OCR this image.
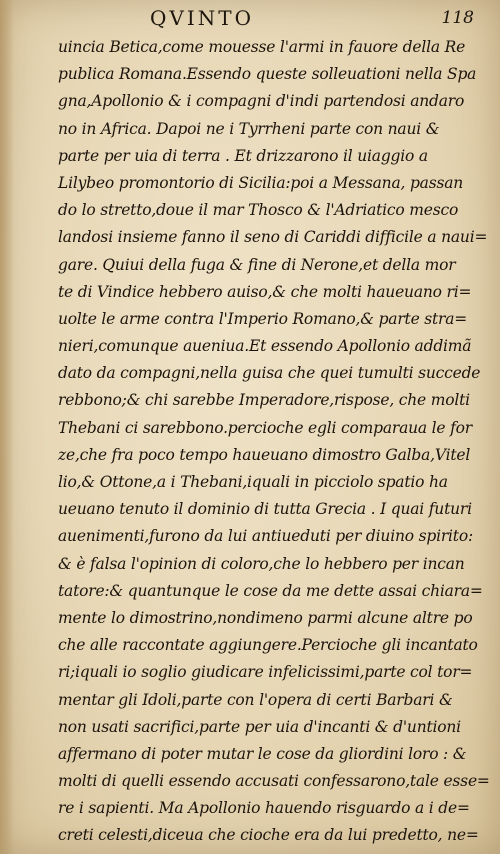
QVINTO	118
uincia Betica,come mouesse l'armi in fauore della Re
publica Romana.Essendo queste solleuationi nella Spa
gna,Apollonio & i compagni d'indi partendosi andaro
no in Africa. Dapoi ne i Tyrrheni parte con naui &
parte per uia di terra . Et drizzarono il uiaggio a
Lilybeo promontorio di Sicilia:poi a Messana, passan
do lo stretto,doue il mar Thosco & l'Adriatico mesco
landosi insieme fanno il seno di Cariddi difficile a naui=
gare. Quiui della fuga & fine di Nerone,et della mor
te di Vindice hebbero auiso,& che molti haueuano ri=
uolte le arme contra l'Imperio Romano,& parte stra=
nieri,comunque aueniua.Et essendo Apollonio addimã
dato da compagni,nella guisa che quei tumulti succede
rebbono;& chi sarebbe Imperadore,rispose, che molti
Thebani ci sarebbono.percioche egli comparaua le for
ze,che fra poco tempo haueuano dimostro Galba,Vitel
lio,& Ottone,a i Thebani,iquali in picciolo spatio ha
ueuano tenuto il dominio di tutta Grecia . I quai futuri
auenimenti,furono da lui antiueduti per diuino spirito:
& è falsa l'opinion di coloro,che lo hebbero per incan
tatore:& quantunque le cose da me dette assai chiara=
mente lo dimostrino,nondimeno parmi alcune altre po
che alle raccontate aggiungere.Percioche gli incantato
ri;iquali io soglio giudicare infelicissimi,parte col tor=
mentar gli Idoli,parte con l'opera di certi Barbari &
non usati sacrifici,parte per uia d'incanti & d'untioni
affermano di poter mutar le cose da gliordini loro : &
molti di quelli essendo accusati confessarono,tale esse=
re i sapienti. Ma Apollonio hauendo risguardo a i de=
creti celesti,diceua che cioche era da lui predetto, ne=
